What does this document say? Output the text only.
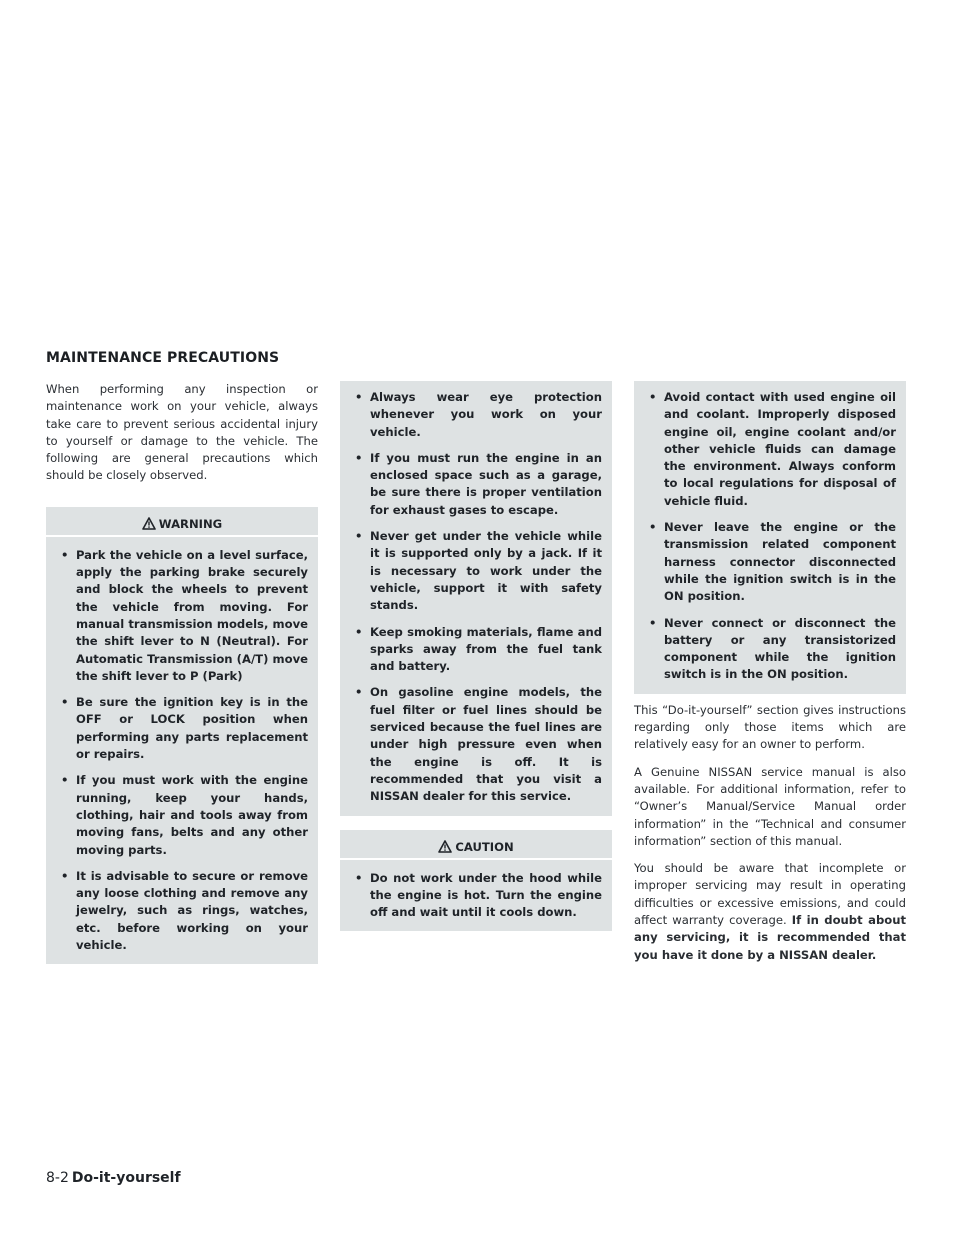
MAINTENANCE PRECAUTIONS

When performing any inspection or maintenance work on your vehicle, always take care to prevent serious accidental injury to yourself or damage to the vehicle. The following are general precautions which should be closely observed.

WARNING
• Park the vehicle on a level surface, apply the parking brake securely and block the wheels to prevent the vehicle from moving. For manual transmission models, move the shift lever to N (Neutral). For Automatic Transmission (A/T) move the shift lever to P (Park)
• Be sure the ignition key is in the OFF or LOCK position when performing any parts replacement or repairs.
• If you must work with the engine running, keep your hands, clothing, hair and tools away from moving fans, belts and any other moving parts.
• It is advisable to secure or remove any loose clothing and remove any jewelry, such as rings, watches, etc. before working on your vehicle.
• Always wear eye protection whenever you work on your vehicle.
• If you must run the engine in an enclosed space such as a garage, be sure there is proper ventilation for exhaust gases to escape.
• Never get under the vehicle while it is supported only by a jack. If it is necessary to work under the vehicle, support it with safety stands.
• Keep smoking materials, flame and sparks away from the fuel tank and battery.
• On gasoline engine models, the fuel filter or fuel lines should be serviced because the fuel lines are under high pressure even when the engine is off. It is recommended that you visit a NISSAN dealer for this service.
CAUTION
• Do not work under the hood while the engine is hot. Turn the engine off and wait until it cools down.
• Avoid contact with used engine oil and coolant. Improperly disposed engine oil, engine coolant and/or other vehicle fluids can damage the environment. Always conform to local regulations for disposal of vehicle fluid.
• Never leave the engine or the transmission related component harness connector disconnected while the ignition switch is in the ON position.
• Never connect or disconnect the battery or any transistorized component while the ignition switch is in the ON position.

This “Do-it-yourself” section gives instructions regarding only those items which are relatively easy for an owner to perform.

A Genuine NISSAN service manual is also available. For additional information, refer to “Owner’s Manual/Service Manual order information” in the “Technical and consumer information” section of this manual.

You should be aware that incomplete or improper servicing may result in operating difficulties or excessive emissions, and could affect warranty coverage. If in doubt about any servicing, it is recommended that you have it done by a NISSAN dealer.

8-2 Do-it-yourself
